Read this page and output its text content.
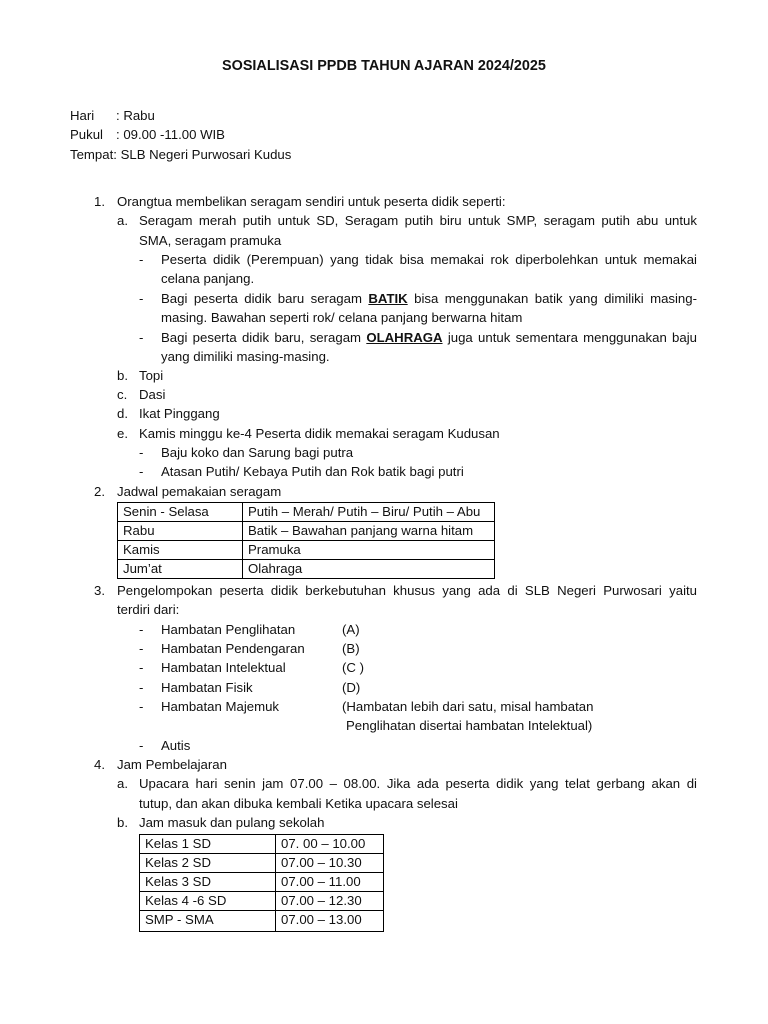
SOSIALISASI PPDB TAHUN AJARAN 2024/2025
Hari : Rabu
Pukul : 09.00 -11.00 WIB
Tempat: SLB Negeri Purwosari Kudus
1. Orangtua membelikan seragam sendiri untuk peserta didik seperti:
a. Seragam merah putih untuk SD, Seragam putih biru untuk SMP, seragam putih abu untuk
SMA, seragam pramuka
- Peserta didik (Perempuan) yang tidak bisa memakai rok diperbolehkan untuk memakai
celana panjang.
- Bagi peserta didik baru seragam BATIK bisa menggunakan batik yang dimiliki masing-
masing. Bawahan seperti rok/ celana panjang berwarna hitam
- Bagi peserta didik baru, seragam OLAHRAGA juga untuk sementara menggunakan baju
yang dimiliki masing-masing.
b. Topi
c. Dasi
d. Ikat Pinggang
e. Kamis minggu ke-4 Peserta didik memakai seragam Kudusan
- Baju koko dan Sarung bagi putra
- Atasan Putih/ Kebaya Putih dan Rok batik bagi putri
2. Jadwal pemakaian seragam
Senin - Selasa	Putih – Merah/ Putih – Biru/ Putih – Abu
Rabu	Batik – Bawahan panjang warna hitam
Kamis	Pramuka
Jum’at	Olahraga
3. Pengelompokan peserta didik berkebutuhan khusus yang ada di SLB Negeri Purwosari yaitu
terdiri dari:
- Hambatan Penglihatan	(A)
- Hambatan Pendengaran	(B)
- Hambatan Intelektual	(C )
- Hambatan Fisik	(D)
- Hambatan Majemuk	(Hambatan lebih dari satu, misal hambatan
Penglihatan disertai hambatan Intelektual)
- Autis
4. Jam Pembelajaran
a. Upacara hari senin jam 07.00 – 08.00. Jika ada peserta didik yang telat gerbang akan di
tutup, dan akan dibuka kembali Ketika upacara selesai
b. Jam masuk dan pulang sekolah
Kelas 1 SD	07. 00 – 10.00
Kelas 2 SD	07.00 – 10.30
Kelas 3 SD	07.00 – 11.00
Kelas 4 -6 SD	07.00 – 12.30
SMP - SMA	07.00 – 13.00
